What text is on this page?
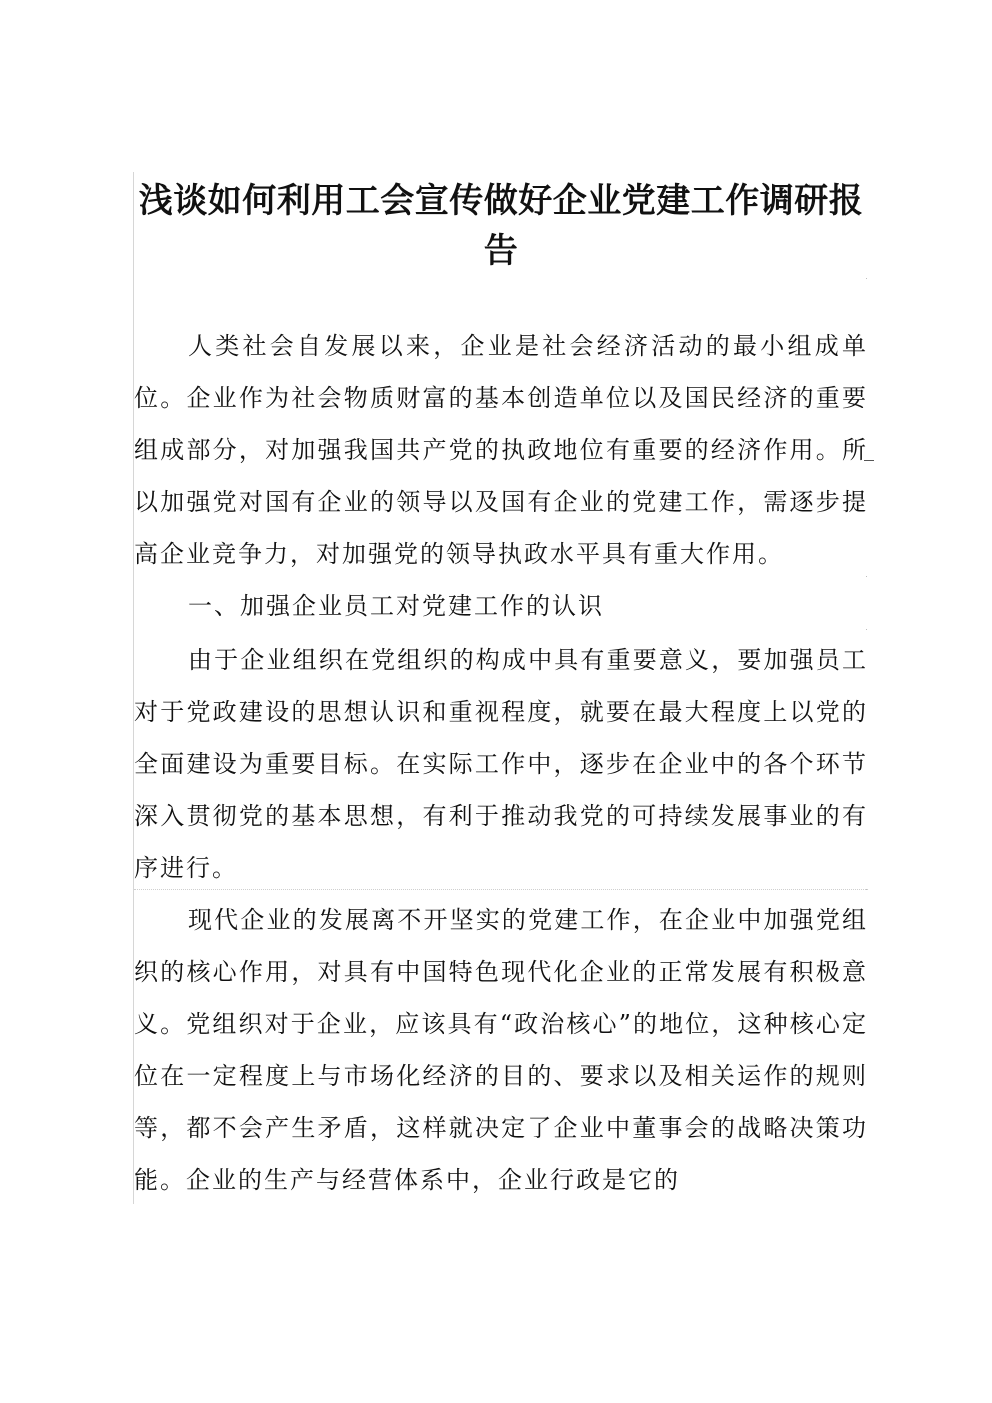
浅谈如何利用工会宣传做好企业党建工作调研报告

人类社会自发展以来，企业是社会经济活动的最小组成单位。企业作为社会物质财富的基本创造单位以及国民经济的重要组成部分，对加强我国共产党的执政地位有重要的经济作用。所以加强党对国有企业的领导以及国有企业的党建工作，需逐步提高企业竞争力，对加强党的领导执政水平具有重大作用。

一、加强企业员工对党建工作的认识

由于企业组织在党组织的构成中具有重要意义，要加强员工对于党政建设的思想认识和重视程度，就要在最大程度上以党的全面建设为重要目标。在实际工作中，逐步在企业中的各个环节深入贯彻党的基本思想，有利于推动我党的可持续发展事业的有序进行。

现代企业的发展离不开坚实的党建工作，在企业中加强党组织的核心作用，对具有中国特色现代化企业的正常发展有积极意义。党组织对于企业，应该具有“政治核心”的地位，这种核心定位在一定程度上与市场化经济的目的、要求以及相关运作的规则等，都不会产生矛盾，这样就决定了企业中董事会的战略决策功能。企业的生产与经营体系中，企业行政是它的
